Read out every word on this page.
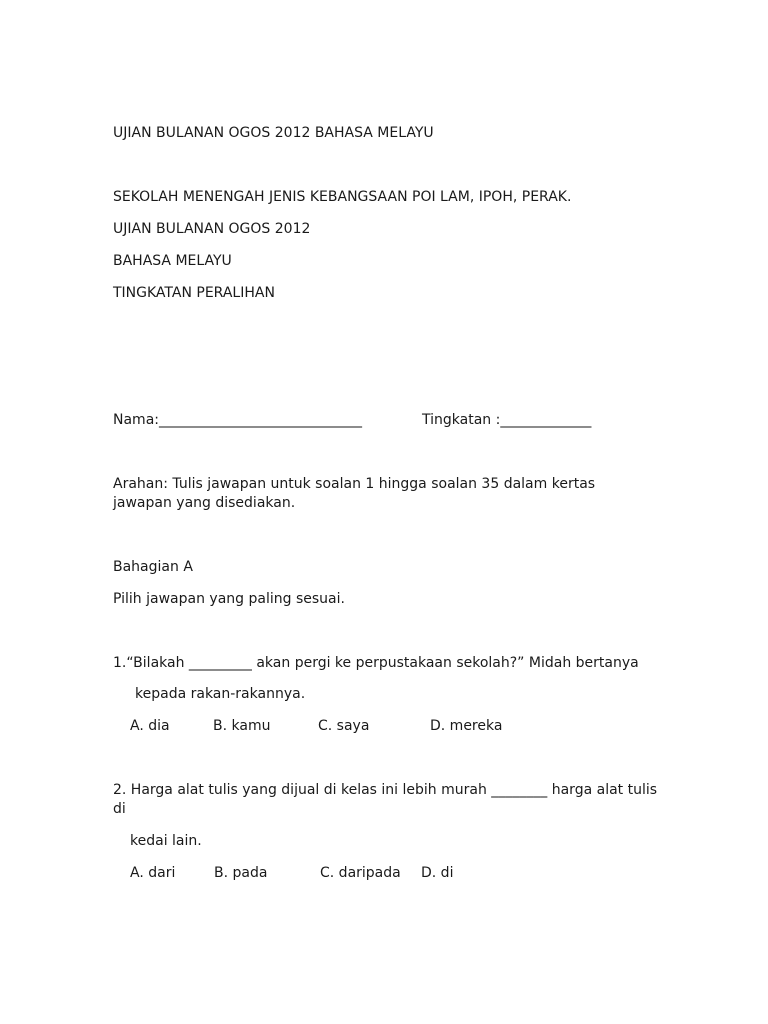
UJIAN BULANAN OGOS 2012 BAHASA MELAYU
SEKOLAH MENENGAH JENIS KEBANGSAAN POI LAM, IPOH, PERAK.
UJIAN BULANAN OGOS 2012
BAHASA MELAYU
TINGKATAN PERALIHAN
Nama:_____________________________	Tingkatan :_____________
Arahan: Tulis jawapan untuk soalan 1 hingga soalan 35 dalam kertas jawapan yang disediakan.
Bahagian A
Pilih jawapan yang paling sesuai.
1.“Bilakah _________ akan pergi ke perpustakaan sekolah?” Midah bertanya
kepada rakan-rakannya.
A. dia	B. kamu	C. saya	D. mereka
2. Harga alat tulis yang dijual di kelas ini lebih murah ________ harga alat tulis di
kedai lain.
A. dari	B. pada	C. daripada D. di
